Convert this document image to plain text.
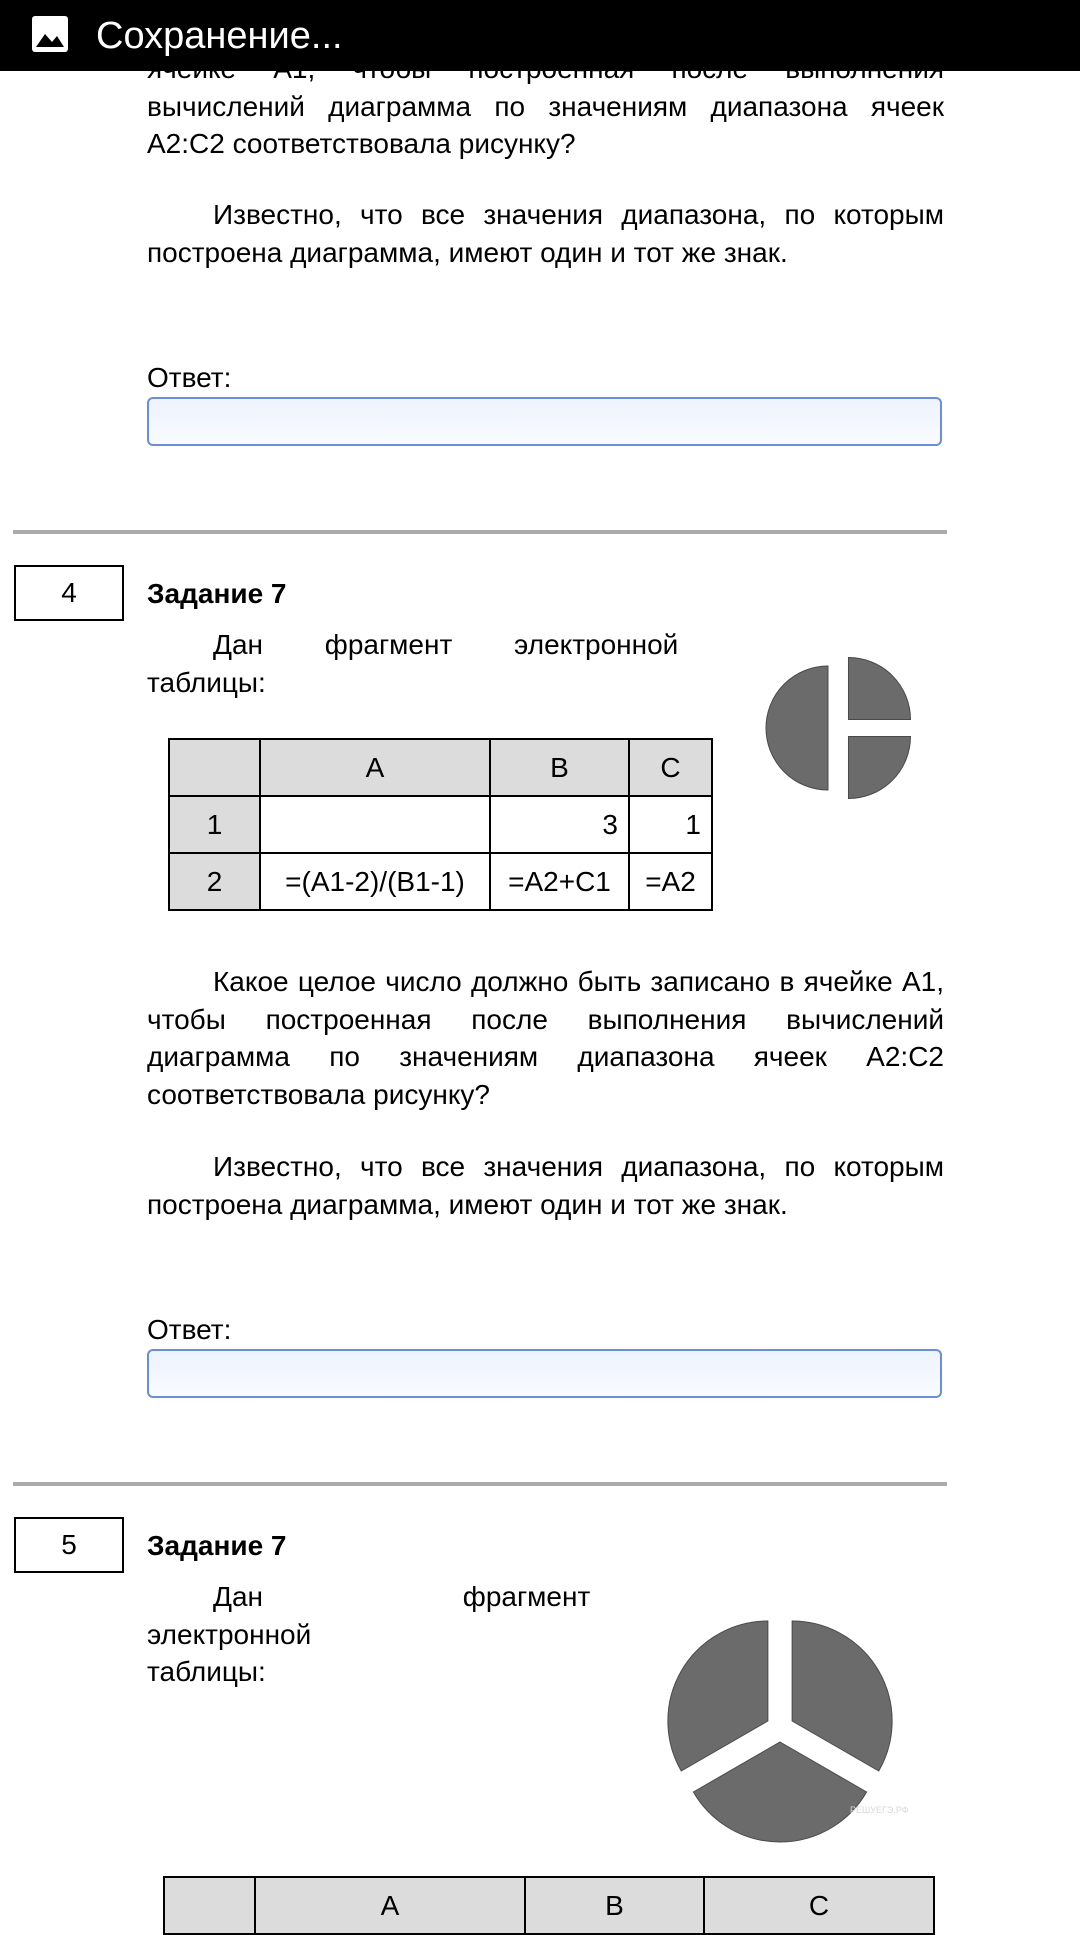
вычислений диаграмма по значениям диапазона ячеек A2:C2 соответствовала рисунку?

Известно, что все значения диапазона, по которым построена диаграмма, имеют один и тот же знак.

Ответ:
4	Задание 7

Дан фрагмент электронной таблицы:

	A	B	C
1		3	1
2	=(A1-2)/(B1-1)	=A2+C1	=A2

Какое целое число должно быть записано в ячейке А1, чтобы построенная после выполнения вычислений диаграмма по значениям диапазона ячеек A2:C2 соответствовала рисунку?

Известно, что все значения диапазона, по которым построена диаграмма, имеют один и тот же знак.

Ответ:
5	Задание 7

Дан фрагмент электронной таблицы:

РЕШУЕГЭ.РФ
.
	A	B	C
Сохранение...
